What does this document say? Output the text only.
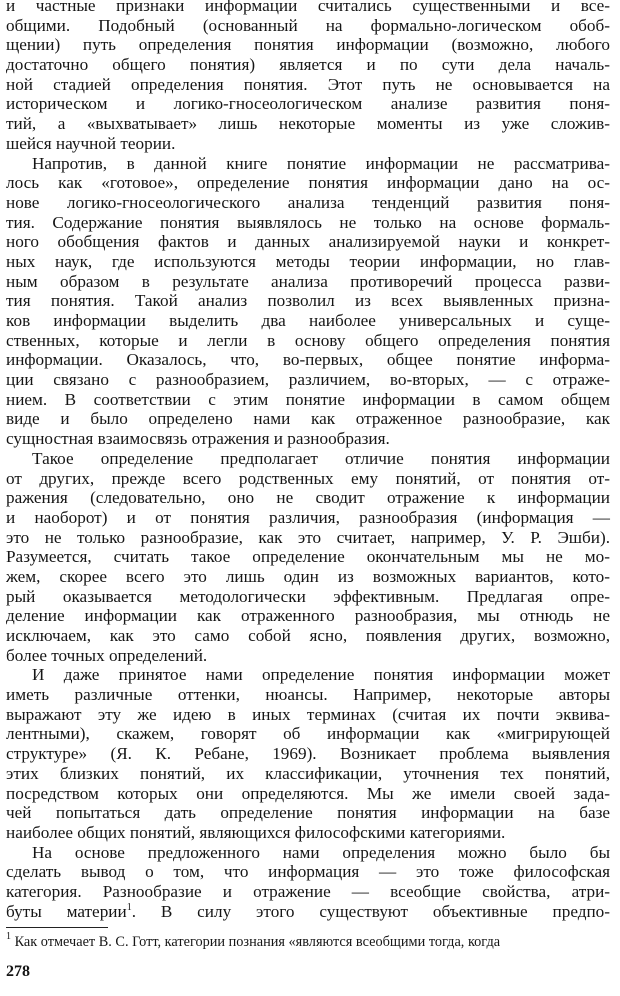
и частные признаки информации считались существенными и все-
общими. Подобный (основанный на формально-логическом обоб-
щении) путь определения понятия информации (возможно, любого
достаточно общего понятия) является и по сути дела началь-
ной стадией определения понятия. Этот путь не основывается на
историческом и логико-гносеологическом анализе развития поня-
тий, а «выхватывает» лишь некоторые моменты из уже сложив-
шейся научной теории.
Напротив, в данной книге понятие информации не рассматрива-
лось как «готовое», определение понятия информации дано на ос-
нове логико-гносеологического анализа тенденций развития поня-
тия. Содержание понятия выявлялось не только на основе формаль-
ного обобщения фактов и данных анализируемой науки и конкрет-
ных наук, где используются методы теории информации, но глав-
ным образом в результате анализа противоречий процесса разви-
тия понятия. Такой анализ позволил из всех выявленных призна-
ков информации выделить два наиболее универсальных и суще-
ственных, которые и легли в основу общего определения понятия
информации. Оказалось, что, во-первых, общее понятие информа-
ции связано с разнообразием, различием, во-вторых, — с отраже-
нием. В соответствии с этим понятие информации в самом общем
виде и было определено нами как отраженное разнообразие, как
сущностная взаимосвязь отражения и разнообразия.
Такое определение предполагает отличие понятия информации
от других, прежде всего родственных ему понятий, от понятия от-
ражения (следовательно, оно не сводит отражение к информации
и наоборот) и от понятия различия, разнообразия (информация —
это не только разнообразие, как это считает, например, У. Р. Эшби).
Разумеется, считать такое определение окончательным мы не мо-
жем, скорее всего это лишь один из возможных вариантов, кото-
рый оказывается методологически эффективным. Предлагая опре-
деление информации как отраженного разнообразия, мы отнюдь не
исключаем, как это само собой ясно, появления других, возможно,
более точных определений.
И даже принятое нами определение понятия информации может
иметь различные оттенки, нюансы. Например, некоторые авторы
выражают эту же идею в иных терминах (считая их почти эквива-
лентными), скажем, говорят об информации как «мигрирующей
структуре» (Я. К. Ребане, 1969). Возникает проблема выявления
этих близких понятий, их классификации, уточнения тех понятий,
посредством которых они определяются. Мы же имели своей зада-
чей попытаться дать определение понятия информации на базе
наиболее общих понятий, являющихся философскими категориями.
На основе предложенного нами определения можно было бы
сделать вывод о том, что информация — это тоже философская
категория. Разнообразие и отражение — всеобщие свойства, атри-
буты материи$^1$. В силу этого существуют объективные предпо-
$^1$ Как отмечает В. С. Готт, категории познания «являются всеобщими тогда, когда
278
